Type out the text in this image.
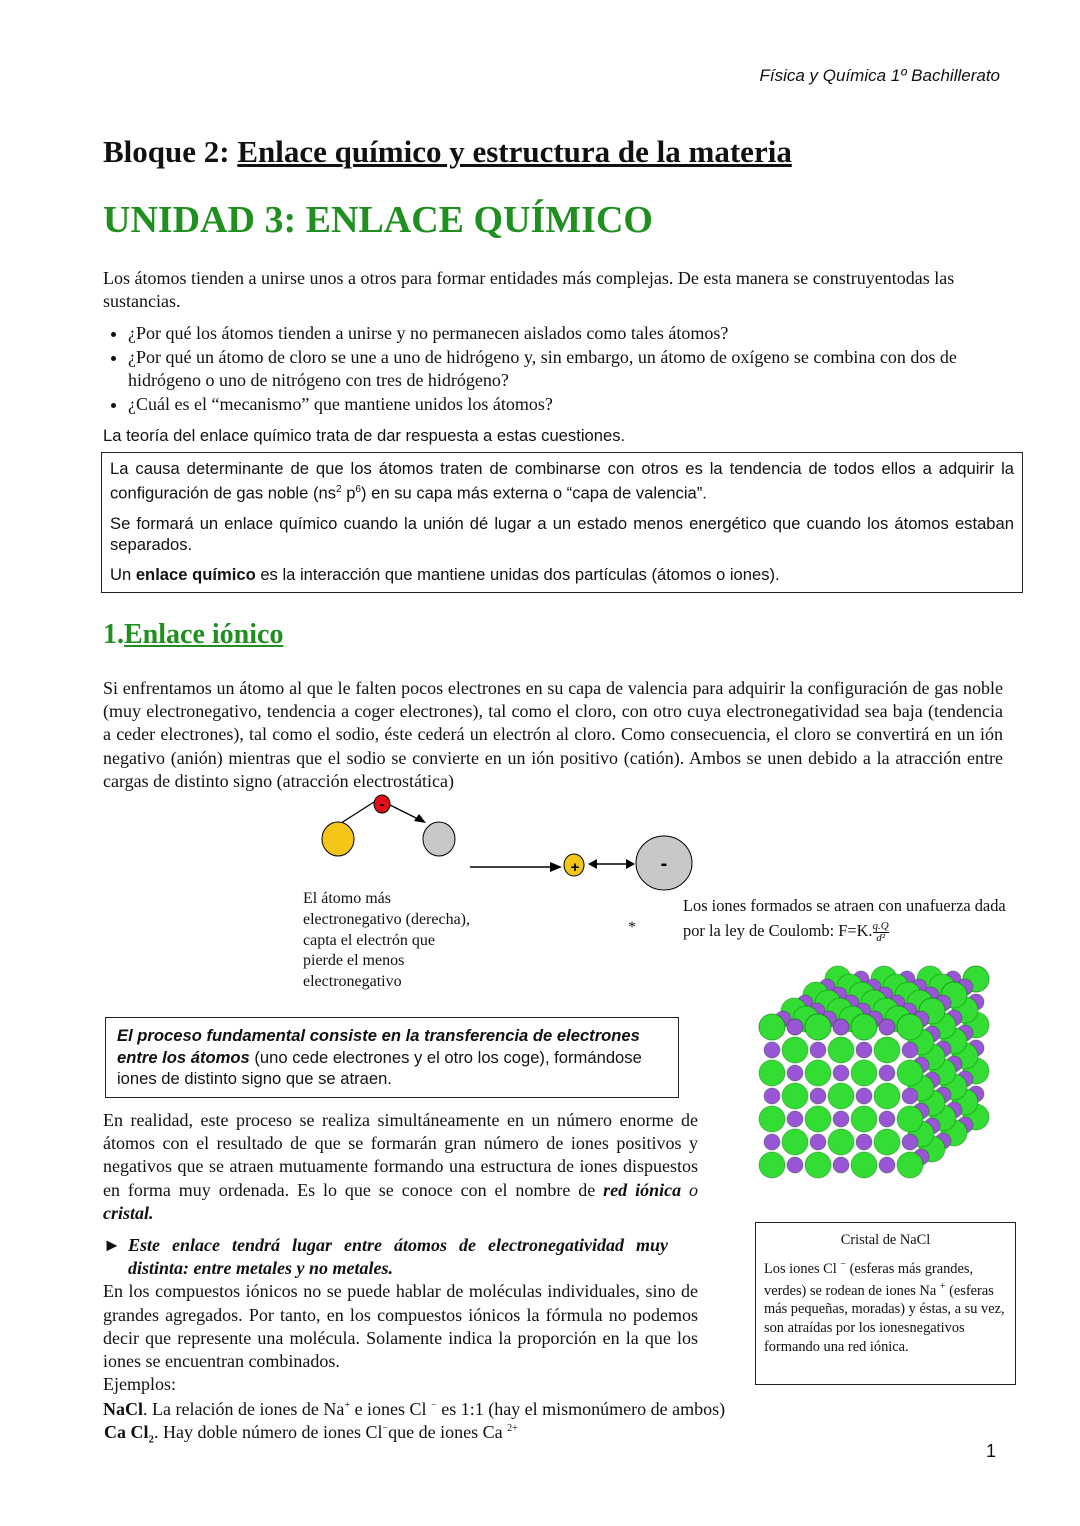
Física y Química 1º Bachillerato
Bloque 2: Enlace químico y estructura de la materia
UNIDAD 3: ENLACE QUÍMICO
Los átomos tienden a unirse unos a otros para formar entidades más complejas. De esta manera se construyentodas las sustancias.
• ¿Por qué los átomos tienden a unirse y no permanecen aislados como tales átomos?
• ¿Por qué un átomo de cloro se une a uno de hidrógeno y, sin embargo, un átomo de oxígeno se combina con dos de hidrógeno o uno de nitrógeno con tres de hidrógeno?
• ¿Cuál es el “mecanismo” que mantiene unidos los átomos?
La teoría del enlace químico trata de dar respuesta a estas cuestiones.

La causa determinante de que los átomos traten de combinarse con otros es la tendencia de todos ellos a adquirir la configuración de gas noble ($ns^2$ $p^6$) en su capa más externa o “capa de valencia”.

Se formará un enlace químico cuando la unión dé lugar a un estado menos energético que cuando los átomos estaban separados.

Un enlace químico es la interacción que mantiene unidas dos partículas (átomos o iones).

1.Enlace iónico
Si enfrentamos un átomo al que le falten pocos electrones en su capa de valencia para adquirir la configuración de gas noble (muy electronegativo, tendencia a coger electrones), tal como el cloro, con otro cuya electronegatividad sea baja (tendencia a ceder electrones), tal como el sodio, éste cederá un electrón al cloro. Como consecuencia, el cloro se convertirá en un ión negativo (anión) mientras que el sodio se convierte en un ión positivo (catión). Ambos se unen debido a la atracción entre cargas de distinto signo (atracción electrostática)
-
+	-
El átomo más electronegativo (derecha), capta el electrón que pierde el menos electronegativo
*
Los iones formados se atraen con unafuerza dada por la ley de Coulomb: F=K. $\frac{q.Q}{\text{d²}}$
El proceso fundamental consiste en la transferencia de electrones entre los átomos (uno cede electrones y el otro los coge), formándose iones de distinto signo que se atraen.
En realidad, este proceso se realiza simultáneamente en un número enorme de átomos con el resultado de que se formarán gran número de iones positivos y negativos que se atraen mutuamente formando una estructura de iones dispuestos en forma muy ordenada. Es lo que se conoce con el nombre de red iónica o cristal.
► Este enlace tendrá lugar entre átomos de electronegatividad muy distinta: entre metales y no metales.
En los compuestos iónicos no se puede hablar de moléculas individuales, sino de grandes agregados. Por tanto, en los compuestos iónicos la fórmula no podemos decir que represente una molécula. Solamente indica la proporción en la que los iones se encuentran combinados.
Ejemplos:
NaCl. La relación de iones de Na+ e iones Cl − es 1:1 (hay el mismonúmero de ambos)
Ca $Cl_2$. Hay doble número de iones Cl−que de iones Ca $^{2+}$
Cristal de NaCl
Los iones Cl − (esferas más grandes, verdes) se rodean de iones Na + (esferas más pequeñas, moradas) y éstas, a su vez, son atraídas por los ionesnegativos formando una red iónica.
1
